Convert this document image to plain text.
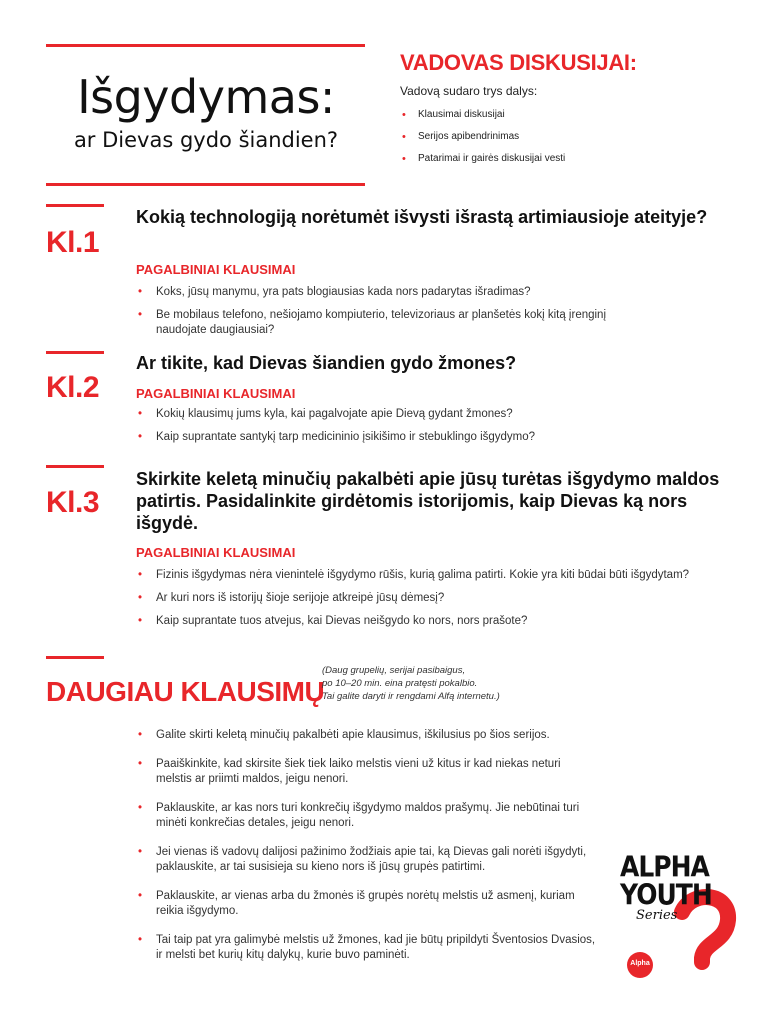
Išgydymas:
ar Dievas gydo šiandien?
VADOVAS DISKUSIJAI:
Vadovą sudaro trys dalys:
• Klausimai diskusijai
• Serijos apibendrinimas
• Patarimai ir gairės diskusijai vesti
Kl.1
Kokią technologiją norėtumėt išvysti išrastą artimiausioje ateityje?
PAGALBINIAI KLAUSIMAI
• Koks, jūsų manymu, yra pats blogiausias kada nors padarytas išradimas?
• Be mobilaus telefono, nešiojamo kompiuterio, televizoriaus ar planšetės kokį kitą įrenginį naudojate daugiausiai?
Kl.2
Ar tikite, kad Dievas šiandien gydo žmones?
PAGALBINIAI KLAUSIMAI
• Kokių klausimų jums kyla, kai pagalvojate apie Dievą gydant žmones?
• Kaip suprantate santykį tarp medicininio įsikišimo ir stebuklingo išgydymo?
Kl.3
Skirkite keletą minučių pakalbėti apie jūsų turėtas išgydymo maldos patirtis. Pasidalinkite girdėtomis istorijomis, kaip Dievas ką nors išgydė.
PAGALBINIAI KLAUSIMAI
• Fizinis išgydymas nėra vienintelė išgydymo rūšis, kurią galima patirti. Kokie yra kiti būdai būti išgydytam?
• Ar kuri nors iš istorijų šioje serijoje atkreipė jūsų dėmesį?
• Kaip suprantate tuos atvejus, kai Dievas neišgydo ko nors, nors prašote?
DAUGIAU KLAUSIMŲ
(Daug grupelių, serijai pasibaigus,
po 10–20 min. eina pratęsti pokalbio.
Tai galite daryti ir rengdami Alfą internetu.)
• Galite skirti keletą minučių pakalbėti apie klausimus, iškilusius po šios serijos.
• Paaiškinkite, kad skirsite šiek tiek laiko melstis vieni už kitus ir kad niekas neturi melstis ar priimti maldos, jeigu nenori.
• Paklauskite, ar kas nors turi konkrečių išgydymo maldos prašymų. Jie nebūtinai turi minėti konkrečias detales, jeigu nenori.
• Jei vienas iš vadovų dalijosi pažinimo žodžiais apie tai, ką Dievas gali norėti išgydyti, paklauskite, ar tai susisieja su kieno nors iš jūsų grupės patirtimi.
• Paklauskite, ar vienas arba du žmonės iš grupės norėtų melstis už asmenį, kuriam reikia išgydymo.
• Tai taip pat yra galimybė melstis už žmones, kad jie būtų pripildyti Šventosios Dvasios, ir melsti bet kurių kitų dalykų, kurie buvo paminėti.
ALPHA
YOUTH
Series
Alpha
